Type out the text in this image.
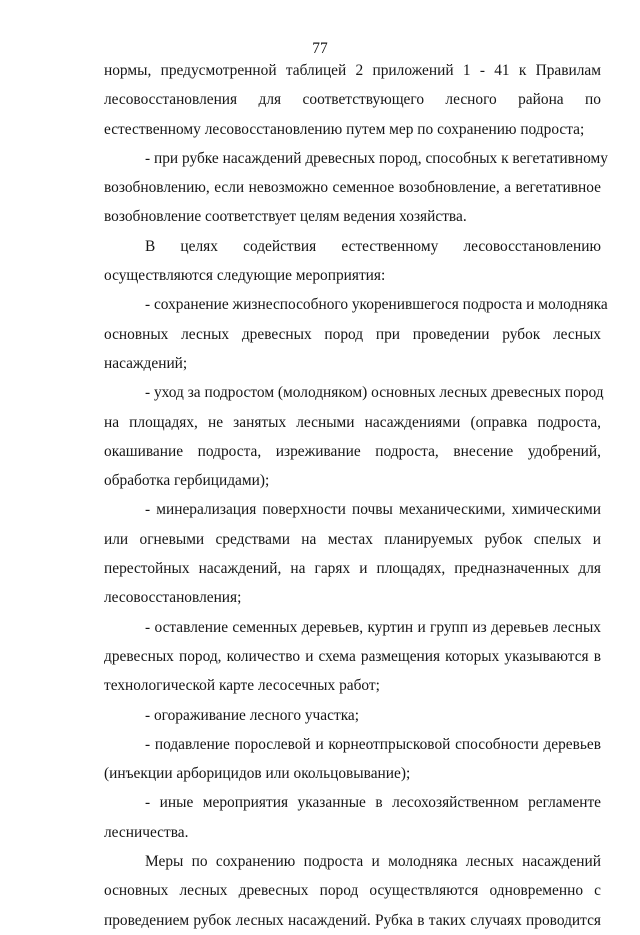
77
нормы, предусмотренной таблицей 2 приложений 1 - 41 к Правилам
лесовосстановления для соответствующего лесного района по
естественному лесовосстановлению путем мер по сохранению подроста;
- при рубке насаждений древесных пород, способных к вегетативному
возобновлению, если невозможно семенное возобновление, а вегетативное
возобновление соответствует целям ведения хозяйства.
В целях содействия естественному лесовосстановлению
осуществляются следующие мероприятия:
- сохранение жизнеспособного укоренившегося подроста и молодняка
основных лесных древесных пород при проведении рубок лесных
насаждений;
- уход за подростом (молодняком) основных лесных древесных пород
на площадях, не занятых лесными насаждениями (оправка подроста,
окашивание подроста, изреживание подроста, внесение удобрений,
обработка гербицидами);
- минерализация поверхности почвы механическими, химическими
или огневыми средствами на местах планируемых рубок спелых и
перестойных насаждений, на гарях и площадях, предназначенных для
лесовосстановления;
- оставление семенных деревьев, куртин и групп из деревьев лесных
древесных пород, количество и схема размещения которых указываются в
технологической карте лесосечных работ;
- огораживание лесного участка;
- подавление порослевой и корнеотпрысковой способности деревьев
(инъекции арборицидов или окольцовывание);
- иные мероприятия указанные в лесохозяйственном регламенте
лесничества.
Меры по сохранению подроста и молодняка лесных насаждений
основных лесных древесных пород осуществляются одновременно с
проведением рубок лесных насаждений. Рубка в таких случаях проводится
